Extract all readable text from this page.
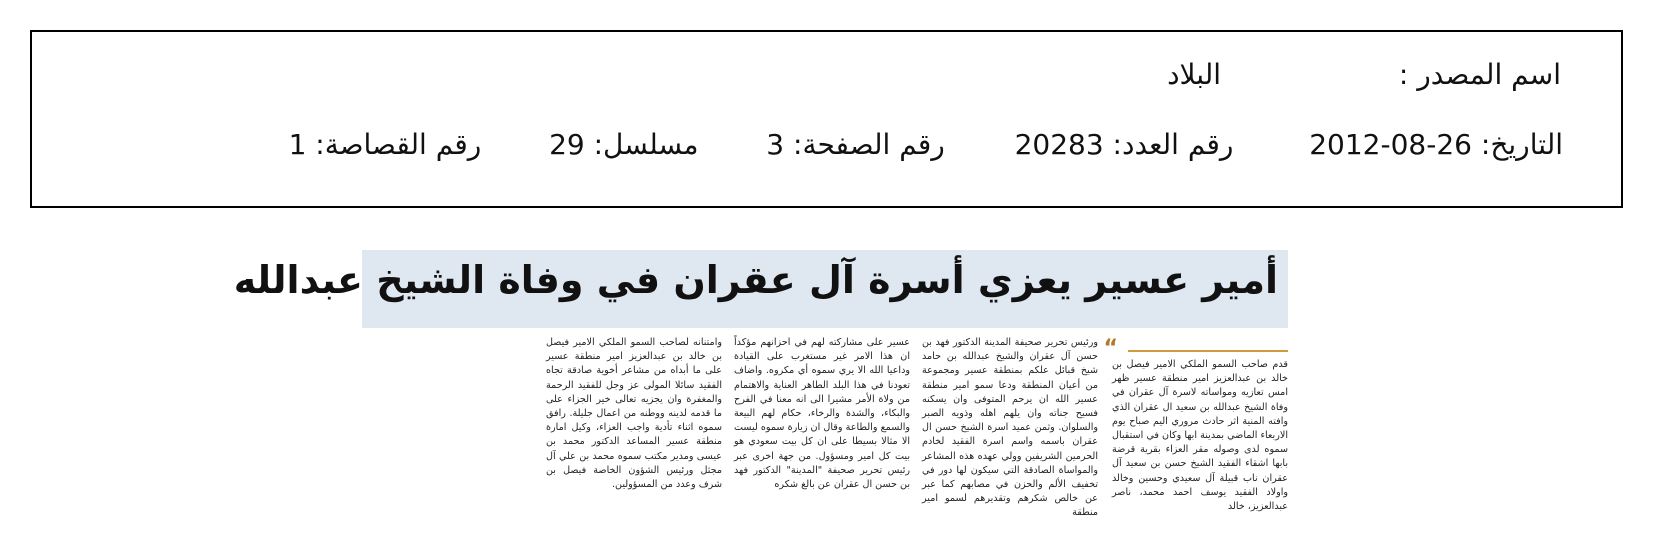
اسم المصدر :
البلاد
التاريخ: 26-08-2012  رقم العدد: 20283  رقم الصفحة: 3  مسلسل: 29  رقم القصاصة: 1
أمير عسير يعزي أسرة آل عقران في وفاة الشيخ عبدالله
“

قدم صاحب السمو الملكي الامير فيصل بن خالد بن عبدالعزيز امير منطقة عسير ظهر امس تعازيه ومواساته لاسرة آل عقران في وفاة الشيخ عبدالله بن سعيد ال عقران الذي وافته المنية اثر حادث مروري اليم صباح يوم الاربعاء الماضي بمدينة ابها وكان في استقبال سموه لدى وصوله مقر العزاء بقرية قرضة بابها اشقاء الفقيد الشيخ حسن بن سعيد آل عقران ناب قبيلة آل سعيدي وحسين وخالد واولاد الفقيد يوسف احمد محمد، ناصر عبدالعزيز، خالد

ورئيس تحرير صحيفة المدينة الدكتور فهد بن حسن آل عقران والشيخ عبدالله بن حامد شيخ قبائل علكم بمنطقة عسير ومجموعة من أعيان المنطقة ودعا سمو امير منطقة عسير الله ان يرحم المتوفى وان يسكنه فسيح جناته وان يلهم اهله وذويه الصبر والسلوان. وثمن عميد اسرة الشيخ حسن ال عقران باسمه واسم اسرة الفقيد لخادم الحرمين الشريفين وولي عهده هذه المشاعر والمواساة الصادقة التي سيكون لها دور في تخفيف الألم والحزن في مصابهم كما عبر عن خالص شكرهم وتقديرهم لسمو امير منطقة

عسير على مشاركته لهم في احزانهم مؤكداً ان هذا الامر غير مستغرب على القيادة وداعيا الله الا يري سموه أي مكروه. واضاف تعودنا في هذا البلد الطاهر العناية والاهتمام من ولاة الأمر مشيرا الى انه معنا في الفرح والبكاء، والشدة والرخاء، حكام لهم البيعة والسمع والطاعة وقال ان زيارة سموه ليست الا مثالا بسيطا على ان كل بيت سعودي هو بيت كل امير ومسؤول. من جهة اخرى عبر رئيس تحرير صحيفة "المدينة" الدكتور فهد بن حسن ال عقران عن بالغ شكره

وامتنانه لصاحب السمو الملكي الامير فيصل بن خالد بن عبدالعزيز امير منطقة عسير على ما أبداه من مشاعر أخوية صادقة تجاه الفقيد سائلا المولى عز وجل للفقيد الرحمة والمغفرة وان يجزيه تعالى خير الجزاء على ما قدمه لدينه ووطنه من اعمال جليلة. رافق سموه اثناء تأدية واجب العزاء، وكيل امارة منطقة عسير المساعد الدكتور محمد بن عيسى ومدير مكتب سموه محمد بن علي آل مجثل ورئيس الشؤون الخاصة فيصل بن شرف وعدد من المسؤولين.
